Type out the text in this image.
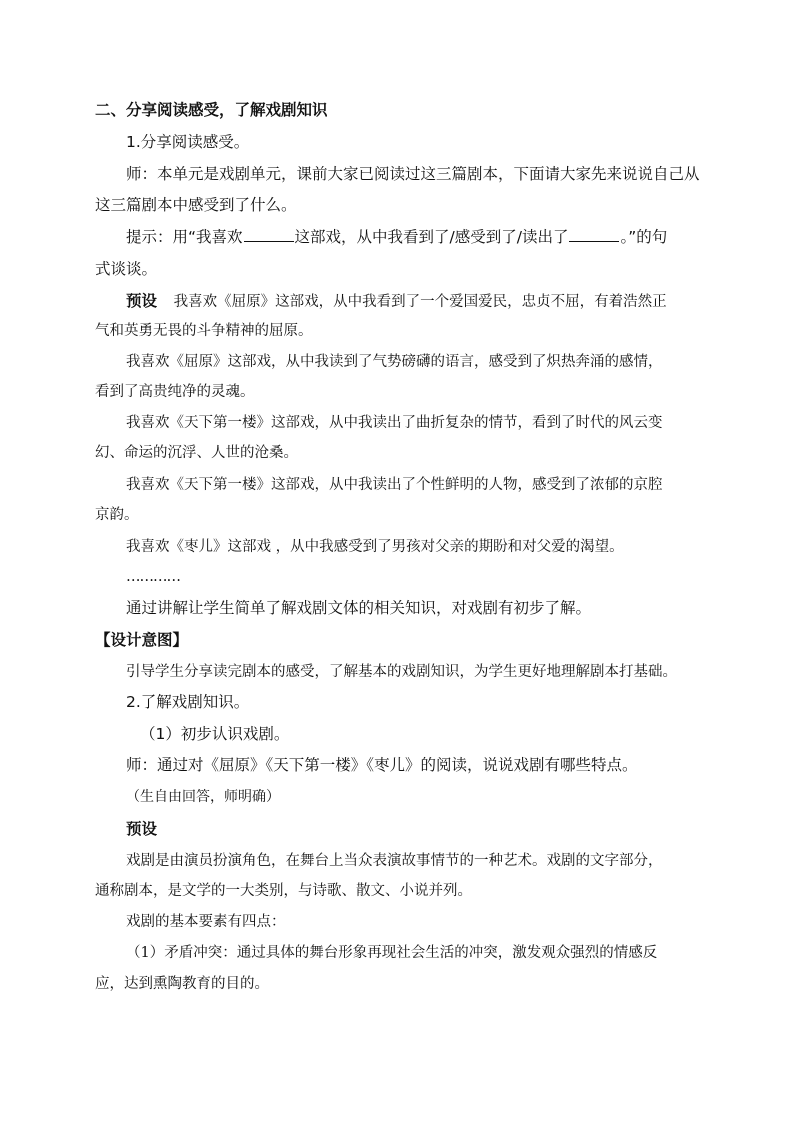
二、分享阅读感受，了解戏剧知识
1.分享阅读感受。
师：本单元是戏剧单元，课前大家已阅读过这三篇剧本，下面请大家先来说说自己从
这三篇剧本中感受到了什么。
提示：用“我喜欢	这部戏，从中我看到了/感受到了/读出了	。”的句
式谈谈。
预设 我喜欢《屈原》这部戏，从中我看到了一个爱国爱民，忠贞不屈，有着浩然正
气和英勇无畏的斗争精神的屈原。
我喜欢《屈原》这部戏，从中我读到了气势磅礴的语言，感受到了炽热奔涌的感情，
看到了高贵纯净的灵魂。
我喜欢《天下第一楼》这部戏，从中我读出了曲折复杂的情节，看到了时代的风云变
幻、命运的沉浮、人世的沧桑。
我喜欢《天下第一楼》这部戏，从中我读出了个性鲜明的人物，感受到了浓郁的京腔
京韵。
我喜欢《枣儿》这部戏 ，从中我感受到了男孩对父亲的期盼和对父爱的渴望。
…………
通过讲解让学生简单了解戏剧文体的相关知识，对戏剧有初步了解。
【设计意图】
引导学生分享读完剧本的感受，了解基本的戏剧知识，为学生更好地理解剧本打基础。
2.了解戏剧知识。
（1）初步认识戏剧。
师：通过对《屈原》《天下第一楼》《枣儿》的阅读，说说戏剧有哪些特点。
（生自由回答，师明确）
预设
戏剧是由演员扮演角色，在舞台上当众表演故事情节的一种艺术。戏剧的文字部分，
通称剧本，是文学的一大类别，与诗歌、散文、小说并列。
戏剧的基本要素有四点：
（1）矛盾冲突：通过具体的舞台形象再现社会生活的冲突，激发观众强烈的情感反
应，达到熏陶教育的目的。
